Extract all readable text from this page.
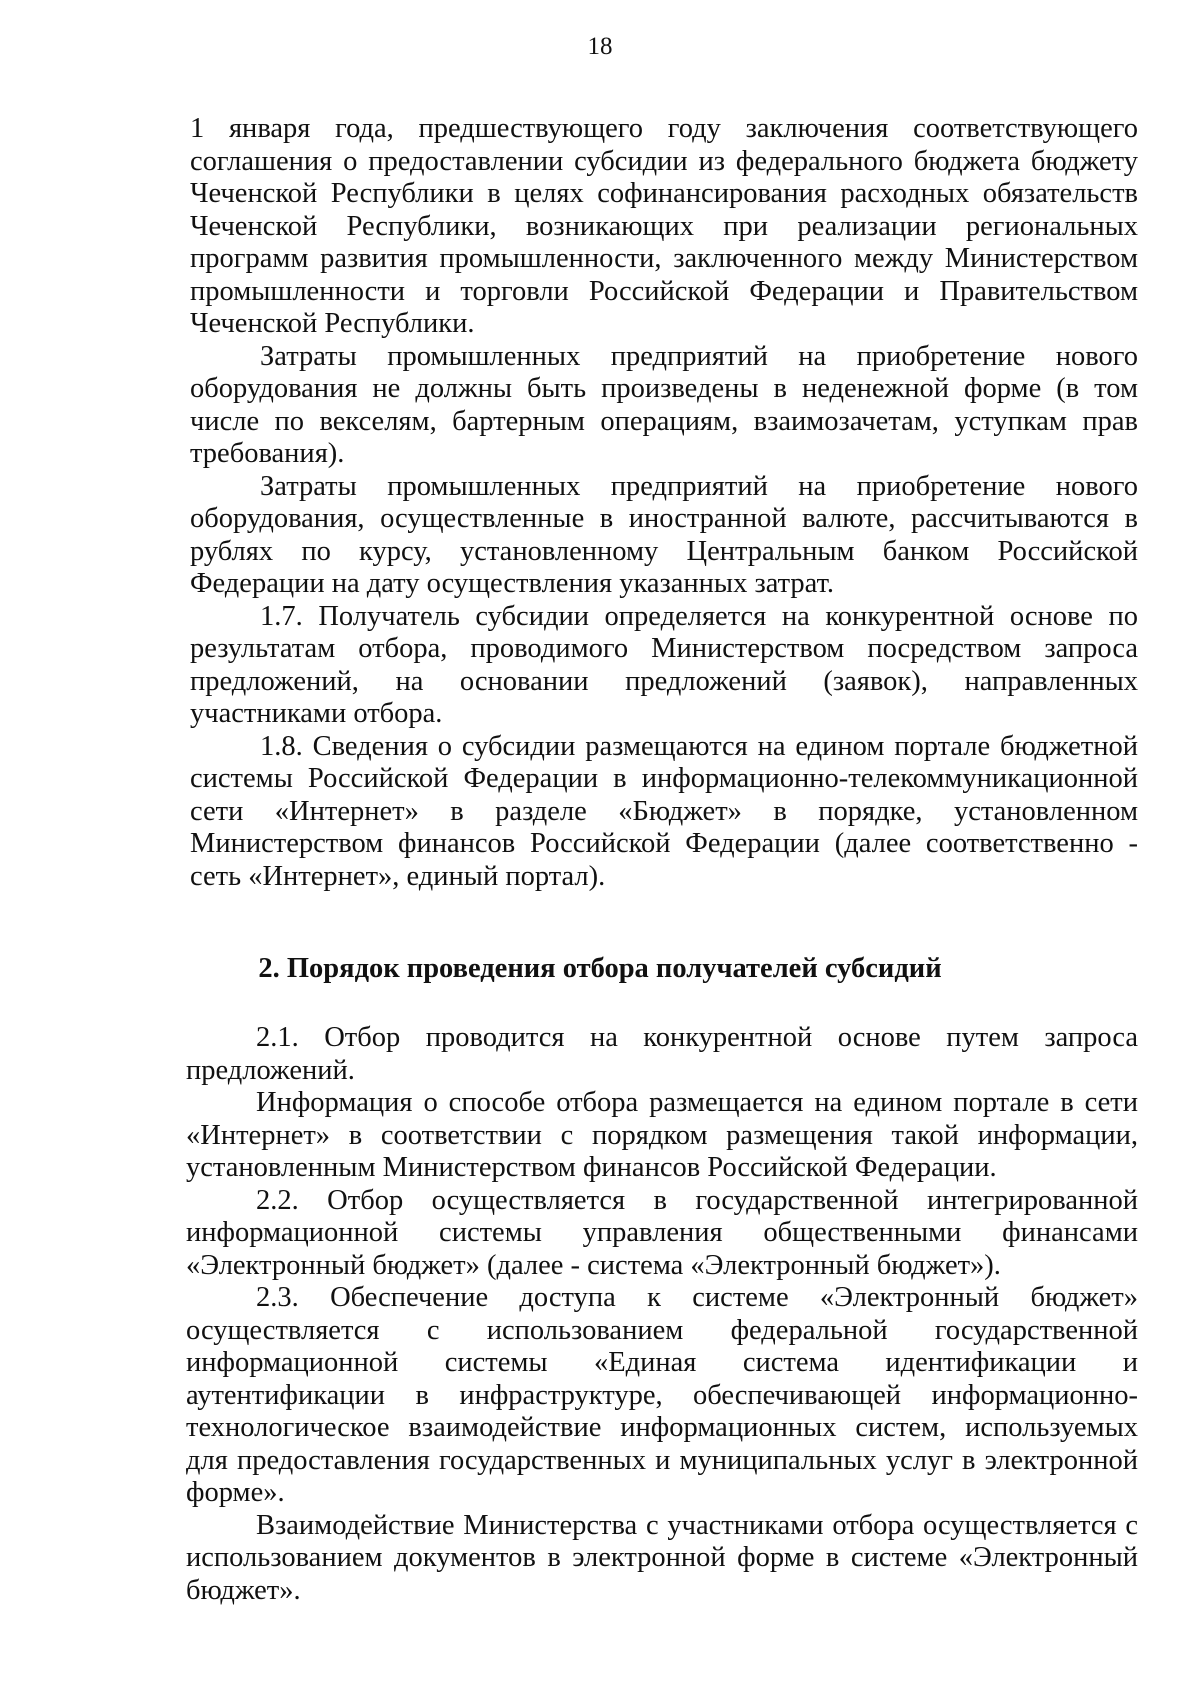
18

1 января года, предшествующего году заключения соответствующего соглашения о предоставлении субсидии из федерального бюджета бюджету Чеченской Республики в целях софинансирования расходных обязательств Чеченской Республики, возникающих при реализации региональных программ развития промышленности, заключенного между Министерством промышленности и торговли Российской Федерации и Правительством Чеченской Республики.

Затраты промышленных предприятий на приобретение нового оборудования не должны быть произведены в неденежной форме (в том числе по векселям, бартерным операциям, взаимозачетам, уступкам прав требования).

Затраты промышленных предприятий на приобретение нового оборудования, осуществленные в иностранной валюте, рассчитываются в рублях по курсу, установленному Центральным банком Российской Федерации на дату осуществления указанных затрат.

1.7. Получатель субсидии определяется на конкурентной основе по результатам отбора, проводимого Министерством посредством запроса предложений, на основании предложений (заявок), направленных участниками отбора.

1.8. Сведения о субсидии размещаются на едином портале бюджетной системы Российской Федерации в информационно-телекоммуникационной сети «Интернет» в разделе «Бюджет» в порядке, установленном Министерством финансов Российской Федерации (далее соответственно - сеть «Интернет», единый портал).

2. Порядок проведения отбора получателей субсидий

2.1. Отбор проводится на конкурентной основе путем запроса предложений.

Информация о способе отбора размещается на едином портале в сети «Интернет» в соответствии с порядком размещения такой информации, установленным Министерством финансов Российской Федерации.

2.2. Отбор осуществляется в государственной интегрированной информационной системы управления общественными финансами «Электронный бюджет» (далее - система «Электронный бюджет»).

2.3. Обеспечение доступа к системе «Электронный бюджет» осуществляется с использованием федеральной государственной информационной системы «Единая система идентификации и аутентификации в инфраструктуре, обеспечивающей информационно-технологическое взаимодействие информационных систем, используемых для предоставления государственных и муниципальных услуг в электронной форме».

Взаимодействие Министерства с участниками отбора осуществляется с использованием документов в электронной форме в системе «Электронный бюджет».
